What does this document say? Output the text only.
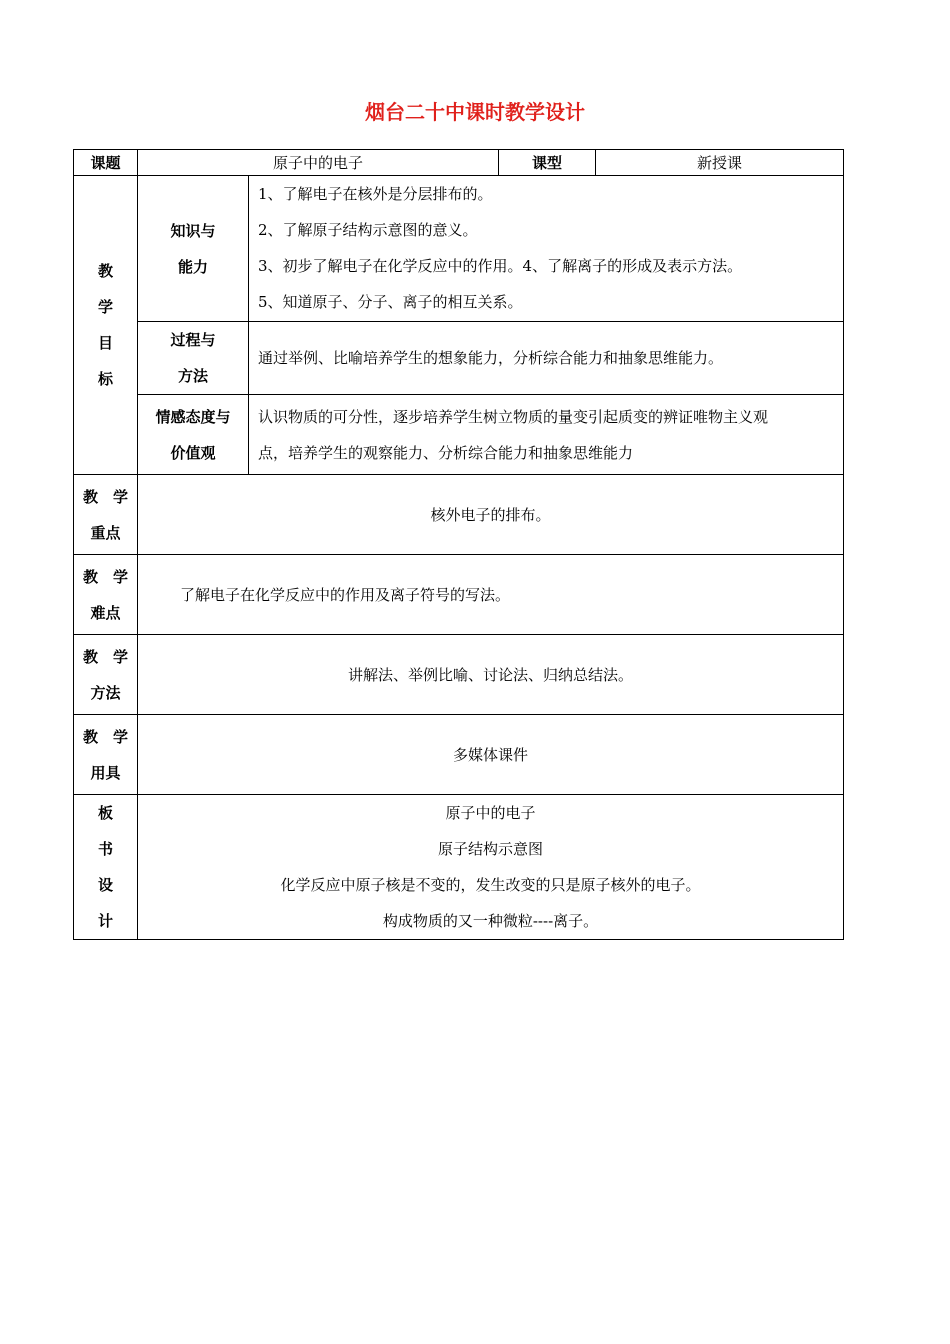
烟台二十中课时教学设计
课题	原子中的电子		课型	新授课

教
学
目
标	知识与
能力	1、了解电子在核外是分层排布的。
2、了解原子结构示意图的意义。
3、初步了解电子在化学反应中的作用。4、了解离子的形成及表示方法。
5、知道原子、分子、离子的相互关系。		

	过程与
方法	通过举例、比喻培养学生的想象能力，分析综合能力和抽象思维能力。		

	情感态度与
价值观	认识物质的可分性，逐步培养学生树立物质的量变引起质变的辨证唯物主义观
点，培养学生的观察能力、分析综合能力和抽象思维能力		

教　学
重点	核外电子的排布。			

教　学
难点	了解电子在化学反应中的作用及离子符号的写法。			

教　学
方法	讲解法、举例比喻、讨论法、归纳总结法。			

教　学
用具	多媒体课件			

板
书
设
计	原子中的电子
原子结构示意图
化学反应中原子核是不变的，发生改变的只是原子核外的电子。
构成物质的又一种微粒----离子。			
